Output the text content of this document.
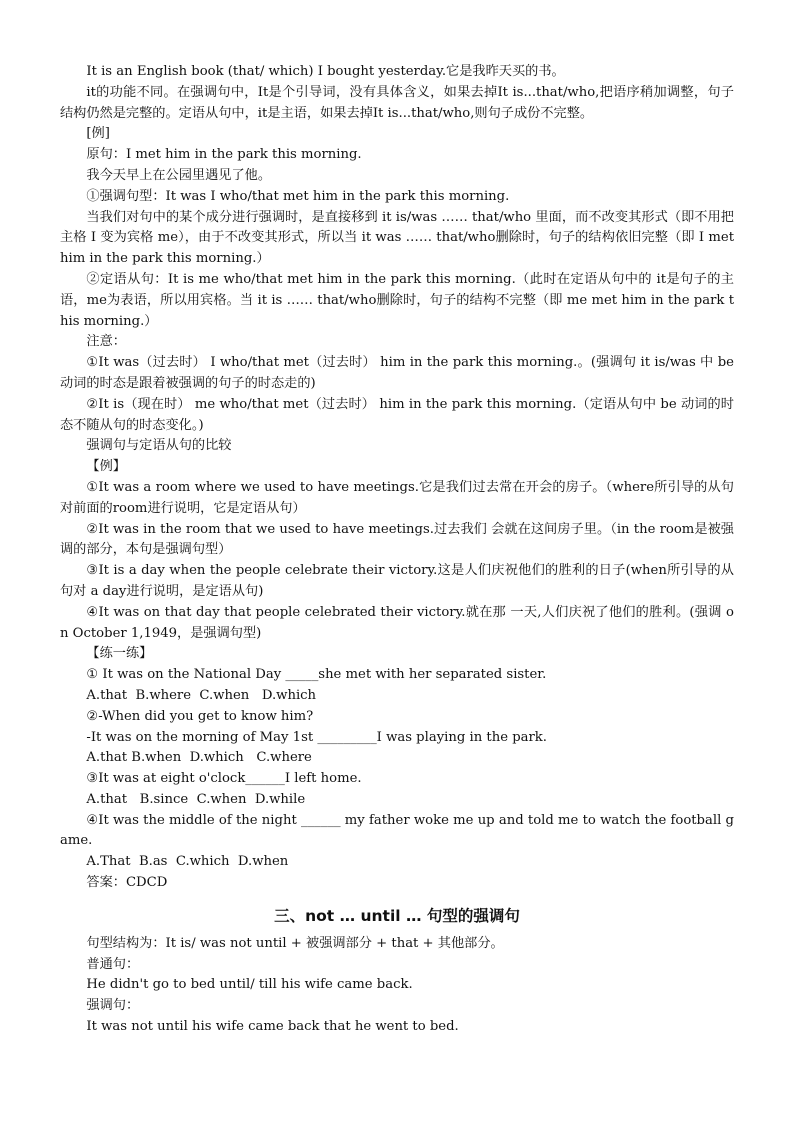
It is an English book (that/ which) I bought yesterday.它是我昨天买的书。

it的功能不同。在强调句中，It是个引导词，没有具体含义，如果去掉It is...that/who,把语序稍加调整，句子结构仍然是完整的。定语从句中，it是主语，如果去掉It is...that/who,则句子成份不完整。

[例]

原句：I met him in the park this morning.

我今天早上在公园里遇见了他。

①强调句型：It was I who/that met him in the park this morning.

当我们对句中的某个成分进行强调时，是直接移到 it is/was …… that/who 里面，而不改变其形式（即不用把主格 I 变为宾格 me），由于不改变其形式，所以当 it was …… that/who删除时，句子的结构依旧完整（即 I met him in the park this morning.）

②定语从句：It is me who/that met him in the park this morning.（此时在定语从句中的 it是句子的主语，me为表语，所以用宾格。当 it is …… that/who删除时，句子的结构不完整（即 me met him in the park this morning.）

注意：

①It was（过去时） I who/that met（过去时） him in the park this morning.。(强调句 it is/was 中 be动词的时态是跟着被强调的句子的时态走的)

②It is（现在时） me who/that met（过去时） him in the park this morning.（定语从句中 be 动词的时态不随从句的时态变化。)

强调句与定语从句的比较

【例】

①It was a room where we used to have meetings.它是我们过去常在开会的房子。（where所引导的从句对前面的room进行说明，它是定语从句）

②It was in the room that we used to have meetings.过去我们 会就在这间房子里。（in the room是被强调的部分，本句是强调句型）

③It is a day when the people celebrate their victory.这是人们庆祝他们的胜利的日子(when所引导的从句对 a day进行说明，是定语从句)

④It was on that day that people celebrated their victory.就在那 一天,人们庆祝了他们的胜利。(强调 on October 1,1949，是强调句型)

【练一练】

① It was on the National Day _____she met with her separated sister.

A.that  B.where  C.when   D.which

②-When did you get to know him?

-It was on the morning of May 1st _________I was playing in the park.

A.that B.when  D.which   C.where

③It was at eight o'clock______I left home.

A.that   B.since  C.when  D.while

④It was the middle of the night ______ my father woke me up and told me to watch the football game.

A.That  B.as  C.which  D.when

答案：CDCD

三、not … until … 句型的强调句

句型结构为：It is/ was not until + 被强调部分 + that + 其他部分。

普通句：

He didn't go to bed until/ till his wife came back.

强调句：

It was not until his wife came back that he went to bed.
